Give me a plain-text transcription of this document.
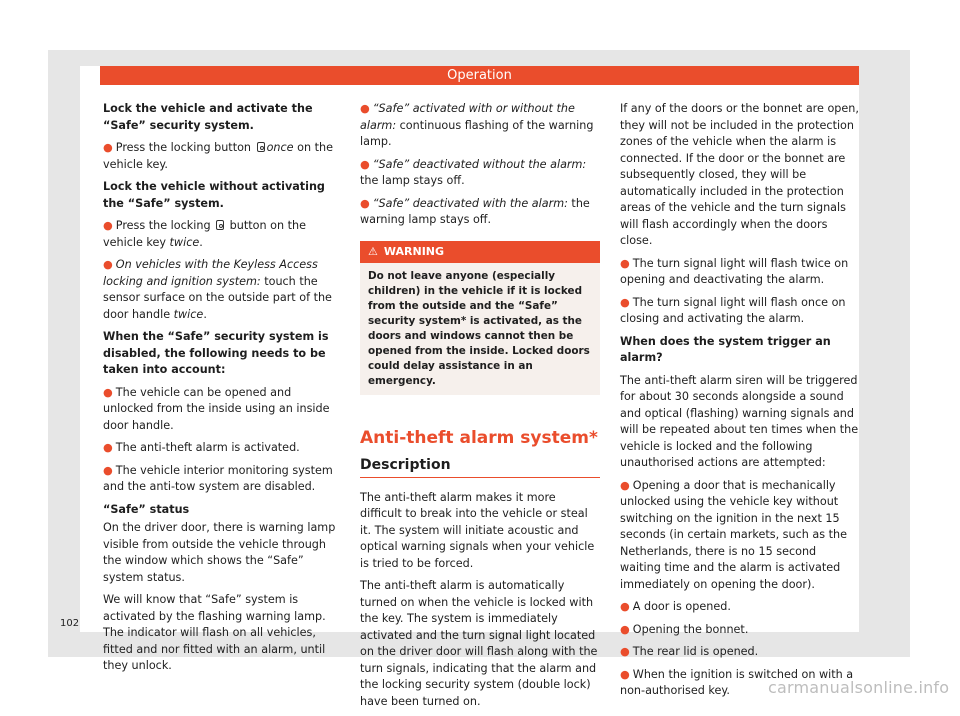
Operation

Lock the vehicle and activate the “Safe” security system.

● Press the locking button once on the vehicle key.

Lock the vehicle without activating the “Safe” system.

● Press the locking  button on the vehicle key twice.

● On vehicles with the Keyless Access locking and ignition system: touch the sensor surface on the outside part of the door handle twice.

When the “Safe” security system is disabled, the following needs to be taken into account:

● The vehicle can be opened and unlocked from the inside using an inside door handle.

● The anti-theft alarm is activated.

● The vehicle interior monitoring system and the anti-tow system are disabled.

“Safe” status

On the driver door, there is warning lamp visible from outside the vehicle through the window which shows the “Safe” system status.

We will know that “Safe” system is activated by the flashing warning lamp. The indicator will flash on all vehicles, fitted and nor fitted with an alarm, until they unlock.

● “Safe” activated with or without the alarm: continuous flashing of the warning lamp.

● “Safe” deactivated without the alarm: the lamp stays off.

● “Safe” deactivated with the alarm: the warning lamp stays off.

⚠ WARNING
Do not leave anyone (especially children) in the vehicle if it is locked from the outside and the “Safe” security system* is activated, as the doors and windows cannot then be opened from the inside. Locked doors could delay assistance in an emergency.
Anti-theft alarm system*
Description

The anti-theft alarm makes it more difficult to break into the vehicle or steal it. The system will initiate acoustic and optical warning signals when your vehicle is tried to be forced.

The anti-theft alarm is automatically turned on when the vehicle is locked with the key. The system is immediately activated and the turn signal light located on the driver door will flash along with the turn signals, indicating that the alarm and the locking security system (double lock) have been turned on.

If any of the doors or the bonnet are open, they will not be included in the protection zones of the vehicle when the alarm is connected. If the door or the bonnet are subsequently closed, they will be automatically included in the protection areas of the vehicle and the turn signals will flash accordingly when the doors close.

● The turn signal light will flash twice on opening and deactivating the alarm.

● The turn signal light will flash once on closing and activating the alarm.

When does the system trigger an alarm?

The anti-theft alarm siren will be triggered for about 30 seconds alongside a sound and optical (flashing) warning signals and will be repeated about ten times when the vehicle is locked and the following unauthorised actions are attempted:

● Opening a door that is mechanically unlocked using the vehicle key without switching on the ignition in the next 15 seconds (in certain markets, such as the Netherlands, there is no 15 second waiting time and the alarm is activated immediately on opening the door).

● A door is opened.

● Opening the bonnet.

● The rear lid is opened.

● When the ignition is switched on with a non-authorised key.

102
carmanualsonline.info
